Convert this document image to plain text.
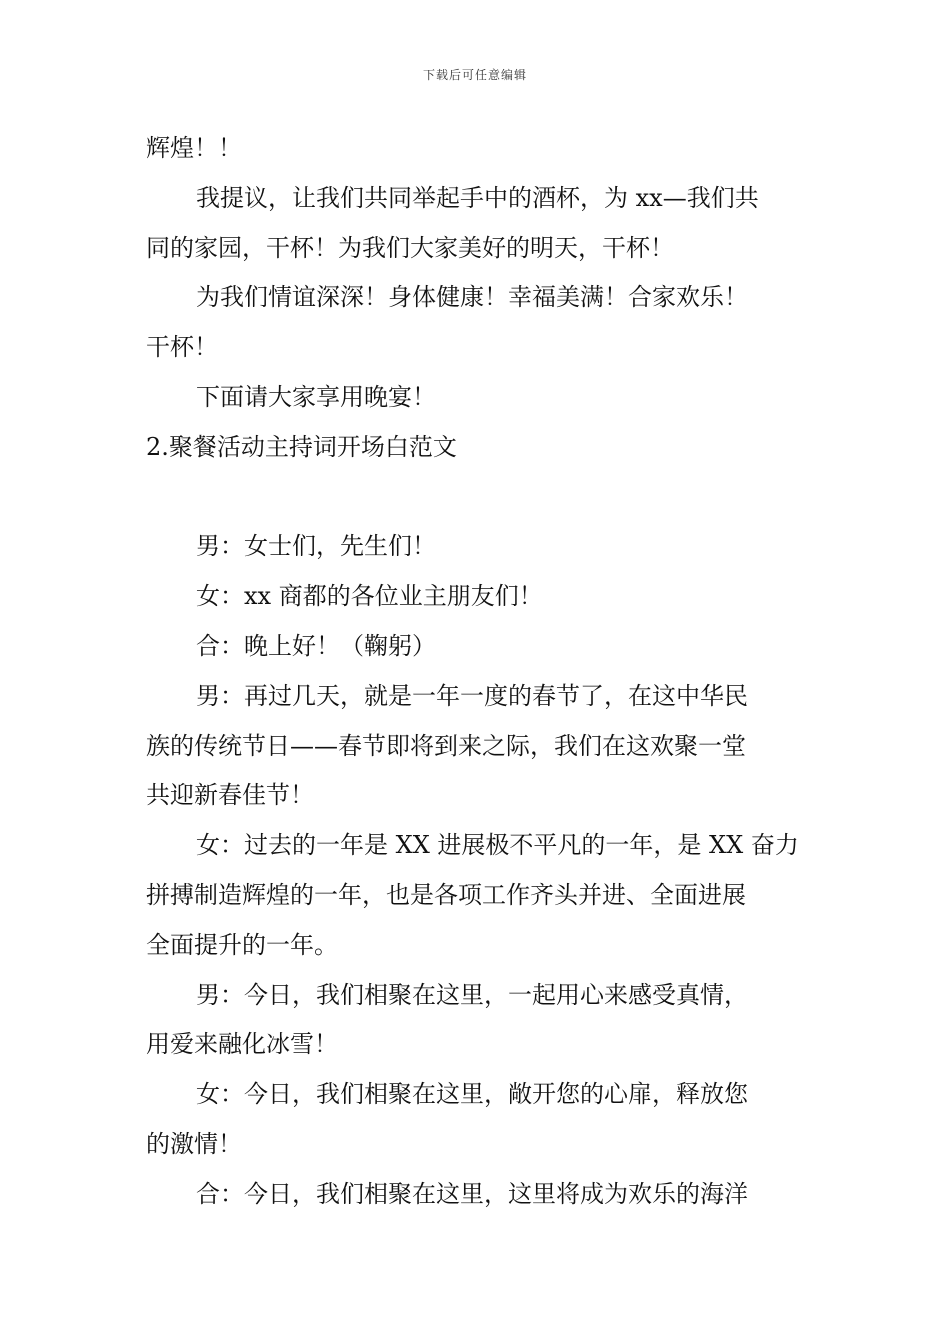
下载后可任意编辑
辉煌！！
我提议，让我们共同举起手中的酒杯，为 xx—我们共
同的家园，干杯！为我们大家美好的明天，干杯！
为我们情谊深深！身体健康！幸福美满！合家欢乐！
干杯！
下面请大家享用晚宴！
2.聚餐活动主持词开场白范文
男：女士们，先生们！
女：xx 商都的各位业主朋友们！
合：晚上好！（鞠躬）
男：再过几天，就是一年一度的春节了，在这中华民
族的传统节日——春节即将到来之际，我们在这欢聚一堂
共迎新春佳节！
女：过去的一年是 XX 进展极不平凡的一年，是 XX 奋力
拼搏制造辉煌的一年，也是各项工作齐头并进、全面进展
全面提升的一年。
男：今日，我们相聚在这里，一起用心来感受真情，
用爱来融化冰雪！
女：今日，我们相聚在这里，敞开您的心扉，释放您
的激情！
合：今日，我们相聚在这里，这里将成为欢乐的海洋
